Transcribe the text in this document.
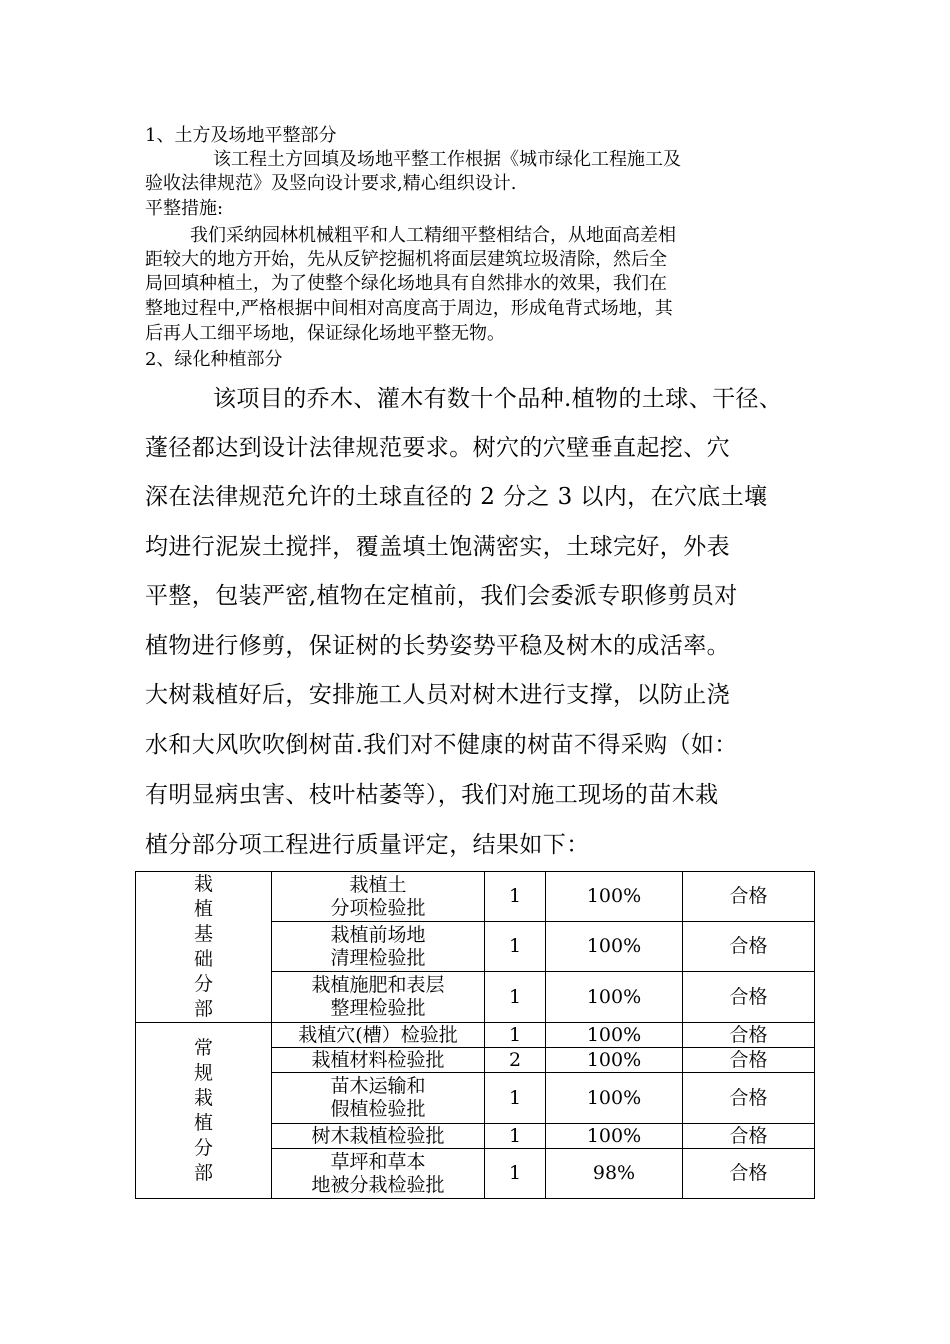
1、土方及场地平整部分
该工程土方回填及场地平整工作根据《城市绿化工程施工及
验收法律规范》及竖向设计要求,精心组织设计.
平整措施:
我们采纳园林机械粗平和人工精细平整相结合，从地面高差相
距较大的地方开始，先从反铲挖掘机将面层建筑垃圾清除，然后全
局回填种植土，为了使整个绿化场地具有自然排水的效果，我们在
整地过程中,严格根据中间相对高度高于周边，形成龟背式场地，其
后再人工细平场地，保证绿化场地平整无物。
2、绿化种植部分
该项目的乔木、灌木有数十个品种.植物的土球、干径、
蓬径都达到设计法律规范要求。树穴的穴壁垂直起挖、穴
深在法律规范允许的土球直径的 2 分之 3 以内，在穴底土壤
均进行泥炭土搅拌，覆盖填土饱满密实，土球完好，外表
平整，包装严密,植物在定植前，我们会委派专职修剪员对
植物进行修剪，保证树的长势姿势平稳及树木的成活率。
大树栽植好后，安排施工人员对树木进行支撑，以防止浇
水和大风吹吹倒树苗.我们对不健康的树苗不得采购（如：
有明显病虫害、枝叶枯萎等），我们对施工现场的苗木栽
植分部分项工程进行质量评定，结果如下：
栽植基础分部	栽植土
分项检验批	1	100%	合格

	栽植前场地
清理检验批	1	100%	合格

	栽植施肥和表层
整理检验批	1	100%	合格
常规栽植分部	栽植穴(槽）检验批	1	100%	合格

	栽植材料检验批	2	100%	合格

	苗木运输和
假植检验批	1	100%	合格

	树木栽植检验批	1	100%	合格

	草坪和草本
地被分栽检验批	1	98%	合格
